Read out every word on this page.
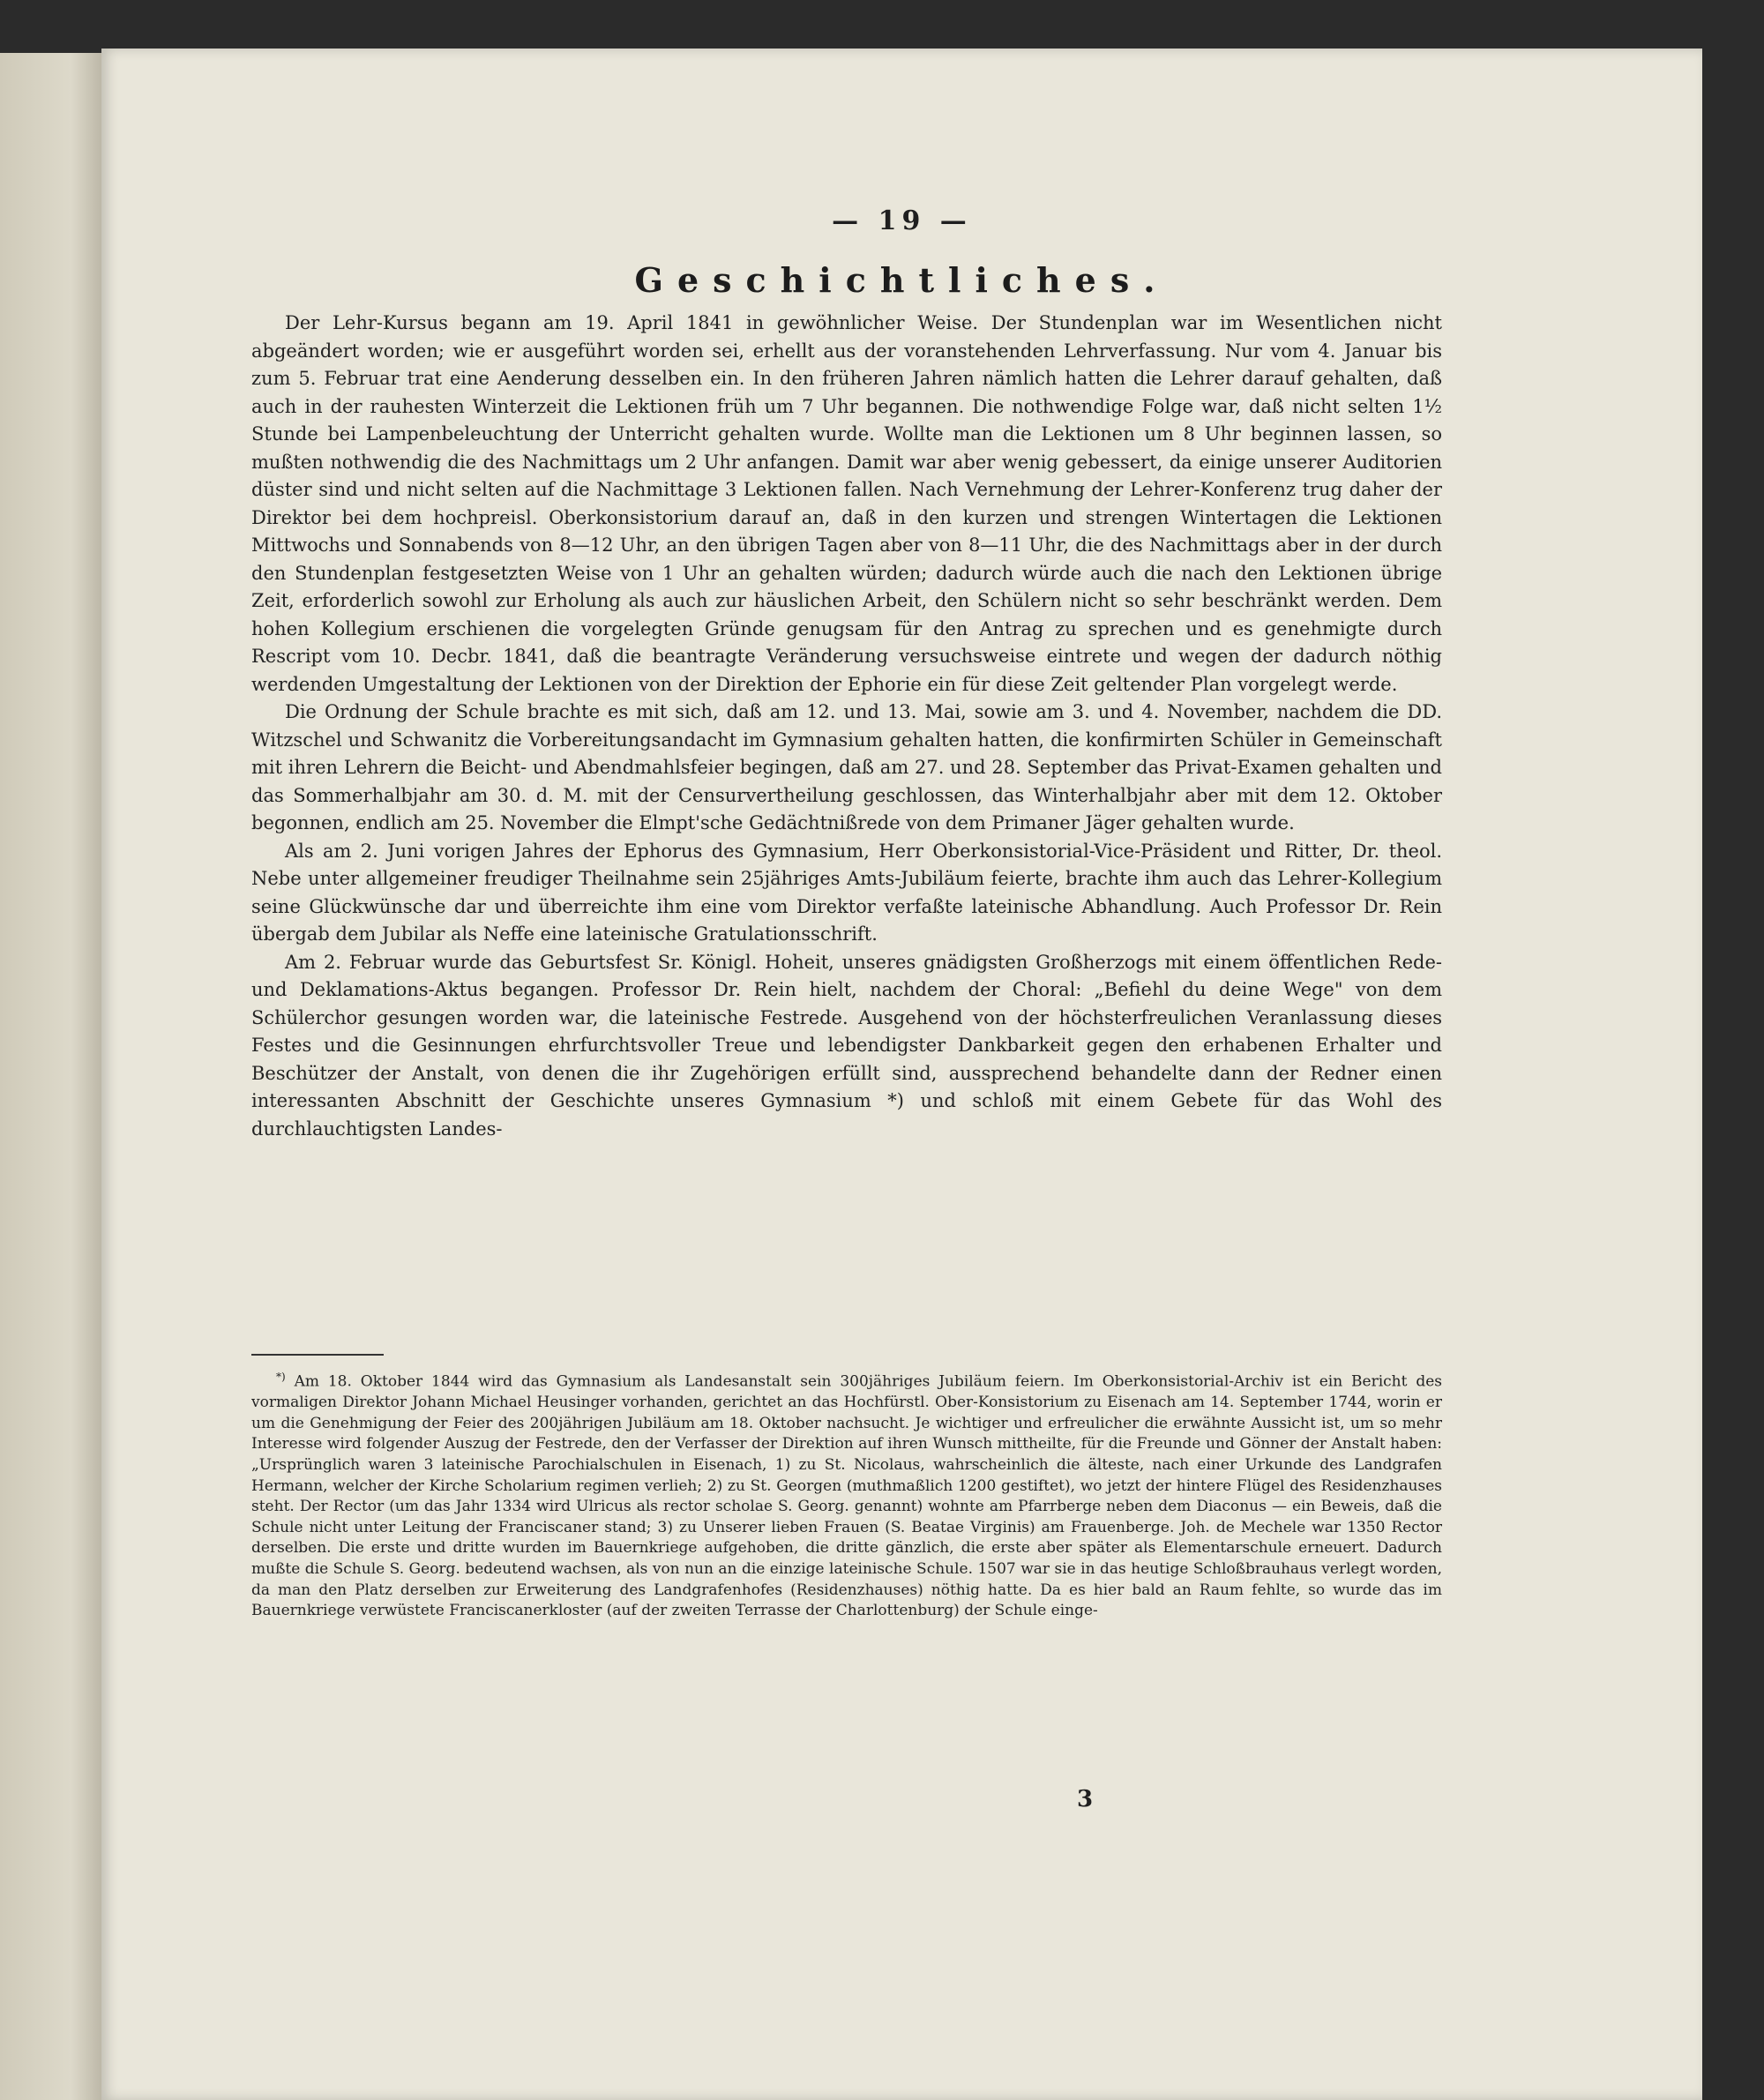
— 19 —
Geschichtliches.

Der Lehr-Kursus begann am 19. April 1841 in gewöhnlicher Weise. Der Stundenplan war im Wesentlichen nicht abgeändert worden; wie er ausgeführt worden sei, erhellt aus der voranstehenden Lehrverfassung. Nur vom 4. Januar bis zum 5. Februar trat eine Aenderung desselben ein. In den früheren Jahren nämlich hatten die Lehrer darauf gehalten, daß auch in der rauhesten Winterzeit die Lektionen früh um 7 Uhr begannen. Die nothwendige Folge war, daß nicht selten 1½ Stunde bei Lampenbeleuchtung der Unterricht gehalten wurde. Wollte man die Lektionen um 8 Uhr beginnen lassen, so mußten nothwendig die des Nachmittags um 2 Uhr anfangen. Damit war aber wenig gebessert, da einige unserer Auditorien düster sind und nicht selten auf die Nachmittage 3 Lektionen fallen. Nach Vernehmung der Lehrer-Konferenz trug daher der Direktor bei dem hochpreisl. Oberkonsistorium darauf an, daß in den kurzen und strengen Wintertagen die Lektionen Mittwochs und Sonnabends von 8—12 Uhr, an den übrigen Tagen aber von 8—11 Uhr, die des Nachmittags aber in der durch den Stundenplan festgesetzten Weise von 1 Uhr an gehalten würden; dadurch würde auch die nach den Lektionen übrige Zeit, erforderlich sowohl zur Erholung als auch zur häuslichen Arbeit, den Schülern nicht so sehr beschränkt werden. Dem hohen Kollegium erschienen die vorgelegten Gründe genugsam für den Antrag zu sprechen und es genehmigte durch Rescript vom 10. Decbr. 1841, daß die beantragte Veränderung versuchsweise eintrete und wegen der dadurch nöthig werdenden Umgestaltung der Lektionen von der Direktion der Ephorie ein für diese Zeit geltender Plan vorgelegt werde.

Die Ordnung der Schule brachte es mit sich, daß am 12. und 13. Mai, sowie am 3. und 4. November, nachdem die DD. Witzschel und Schwanitz die Vorbereitungsandacht im Gymnasium gehalten hatten, die konfirmirten Schüler in Gemeinschaft mit ihren Lehrern die Beicht- und Abendmahlsfeier begingen, daß am 27. und 28. September das Privat-Examen gehalten und das Sommerhalbjahr am 30. d. M. mit der Censurvertheilung geschlossen, das Winterhalbjahr aber mit dem 12. Oktober begonnen, endlich am 25. November die Elmpt'sche Gedächtnißrede von dem Primaner Jäger gehalten wurde.

Als am 2. Juni vorigen Jahres der Ephorus des Gymnasium, Herr Oberkonsistorial-Vice-Präsident und Ritter, Dr. theol. Nebe unter allgemeiner freudiger Theilnahme sein 25jähriges Amts-Jubiläum feierte, brachte ihm auch das Lehrer-Kollegium seine Glückwünsche dar und überreichte ihm eine vom Direktor verfaßte lateinische Abhandlung. Auch Professor Dr. Rein übergab dem Jubilar als Neffe eine lateinische Gratulationsschrift.

Am 2. Februar wurde das Geburtsfest Sr. Königl. Hoheit, unseres gnädigsten Großherzogs mit einem öffentlichen Rede- und Deklamations-Aktus begangen. Professor Dr. Rein hielt, nachdem der Choral: „Befiehl du deine Wege" von dem Schülerchor gesungen worden war, die lateinische Festrede. Ausgehend von der höchsterfreulichen Veranlassung dieses Festes und die Gesinnungen ehrfurchtsvoller Treue und lebendigster Dankbarkeit gegen den erhabenen Erhalter und Beschützer der Anstalt, von denen die ihr Zugehörigen erfüllt sind, aussprechend behandelte dann der Redner einen interessanten Abschnitt der Geschichte unseres Gymnasium *) und schloß mit einem Gebete für das Wohl des durchlauchtigsten Landes-

*) Am 18. Oktober 1844 wird das Gymnasium als Landesanstalt sein 300jähriges Jubiläum feiern. Im Oberkonsistorial-Archiv ist ein Bericht des vormaligen Direktor Johann Michael Heusinger vorhanden, gerichtet an das Hochfürstl. Ober-Konsistorium zu Eisenach am 14. September 1744, worin er um die Genehmigung der Feier des 200jährigen Jubiläum am 18. Oktober nachsucht. Je wichtiger und erfreulicher die erwähnte Aussicht ist, um so mehr Interesse wird folgender Auszug der Festrede, den der Verfasser der Direktion auf ihren Wunsch mittheilte, für die Freunde und Gönner der Anstalt haben: „Ursprünglich waren 3 lateinische Parochialschulen in Eisenach, 1) zu St. Nicolaus, wahrscheinlich die älteste, nach einer Urkunde des Landgrafen Hermann, welcher der Kirche Scholarium regimen verlieh; 2) zu St. Georgen (muthmaßlich 1200 gestiftet), wo jetzt der hintere Flügel des Residenzhauses steht. Der Rector (um das Jahr 1334 wird Ulricus als rector scholae S. Georg. genannt) wohnte am Pfarrberge neben dem Diaconus — ein Beweis, daß die Schule nicht unter Leitung der Franciscaner stand; 3) zu Unserer lieben Frauen (S. Beatae Virginis) am Frauenberge. Joh. de Mechele war 1350 Rector derselben. Die erste und dritte wurden im Bauernkriege aufgehoben, die dritte gänzlich, die erste aber später als Elementarschule erneuert. Dadurch mußte die Schule S. Georg. bedeutend wachsen, als von nun an die einzige lateinische Schule. 1507 war sie in das heutige Schloßbrauhaus verlegt worden, da man den Platz derselben zur Erweiterung des Landgrafenhofes (Residenzhauses) nöthig hatte. Da es hier bald an Raum fehlte, so wurde das im Bauernkriege verwüstete Franciscanerkloster (auf der zweiten Terrasse der Charlottenburg) der Schule einge-

3
